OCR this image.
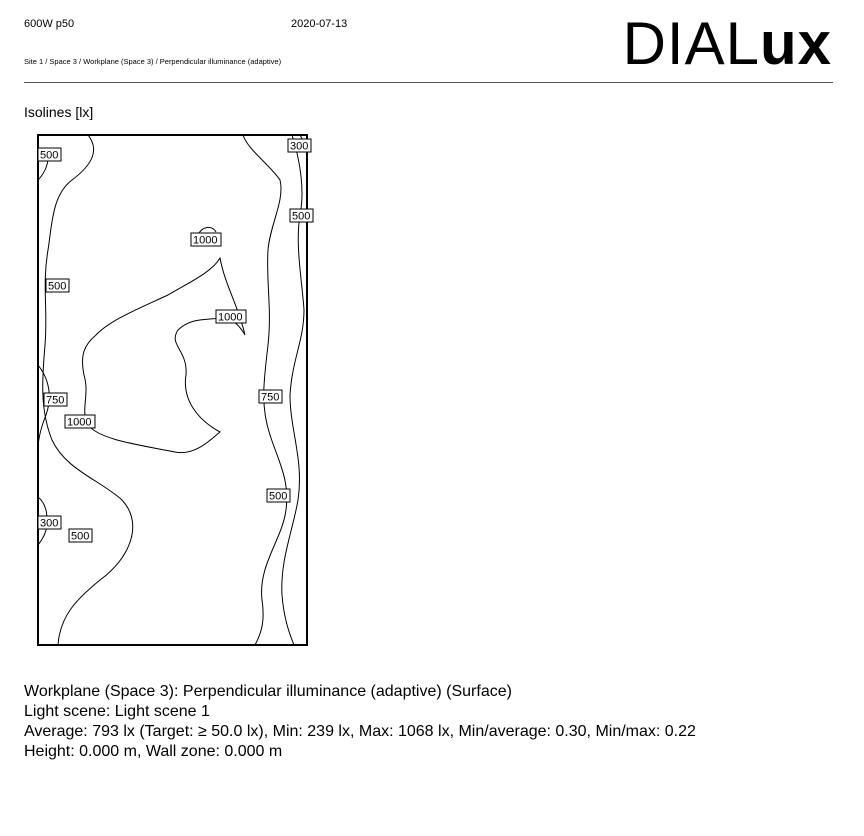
600W p50	2020-07-13
Site 1 / Space 3 / Workplane (Space 3) / Perpendicular illuminance (adaptive)	DIALux
Isolines [lx]
500
300
500
1000
500
1000
750
1000
750
500
300
500
Workplane (Space 3): Perpendicular illuminance (adaptive) (Surface)
Light scene: Light scene 1
Average: 793 lx (Target: ≥ 50.0 lx), Min: 239 lx, Max: 1068 lx, Min/average: 0.30, Min/max: 0.22
Height: 0.000 m, Wall zone: 0.000 m
